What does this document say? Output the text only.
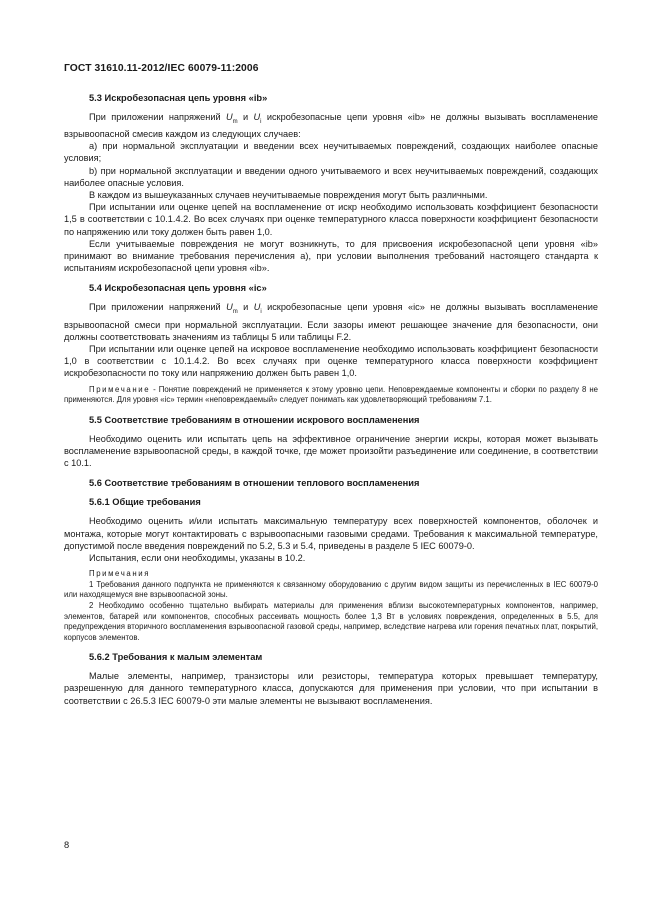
ГОСТ 31610.11-2012/IEC 60079-11:2006

5.3 Искробезопасная цепь уровня «ib»

При приложении напряжений $U_m$ и $U_i$ искробезопасные цепи уровня «ib» не должны вызывать воспламенение взрывоопасной смесив каждом из следующих случаев:

а) при нормальной эксплуатации и введении всех неучитываемых повреждений, создающих наиболее опасные условия;

b) при нормальной эксплуатации и введении одного учитываемого и всех неучитываемых повреждений, создающих наиболее опасные условия.

В каждом из вышеуказанных случаев неучитываемые повреждения могут быть различными.

При испытании или оценке цепей на воспламенение от искр необходимо использовать коэффициент безопасности 1,5 в соответствии с 10.1.4.2. Во всех случаях при оценке температурного класса поверхности коэффициент безопасности по напряжению или току должен быть равен 1,0.

Если учитываемые повреждения не могут возникнуть, то для присвоения искробезопасной цепи уровня «ib» принимают во внимание требования перечисления а), при условии выполнения требований настоящего стандарта к испытаниям искробезопасной цепи уровня «ib».

5.4 Искробезопасная цепь уровня «ic»

При приложении напряжений $U_m$ и $U_i$ искробезопасные цепи уровня «ic» не должны вызывать воспламенение взрывоопасной смеси при нормальной эксплуатации. Если зазоры имеют решающее значение для безопасности, они должны соответствовать значениям из таблицы 5 или таблицы F.2.

При испытании или оценке цепей на искровое воспламенение необходимо использовать коэффициент безопасности 1,0 в соответствии с 10.1.4.2. Во всех случаях при оценке температурного класса поверхности коэффициент искробезопасности по току или напряжению должен быть равен 1,0.

Примечание - Понятие повреждений не применяется к этому уровню цепи. Неповреждаемые компоненты и сборки по разделу 8 не применяются. Для уровня «ic» термин «неповреждаемый» следует понимать как удовлетворяющий требованиям 7.1.

5.5 Соответствие требованиям в отношении искрового воспламенения

Необходимо оценить или испытать цепь на эффективное ограничение энергии искры, которая может вызывать воспламенение взрывоопасной среды, в каждой точке, где может произойти разъединение или соединение, в соответствии с 10.1.

5.6 Соответствие требованиям в отношении теплового воспламенения

5.6.1 Общие требования

Необходимо оценить и/или испытать максимальную температуру всех поверхностей компонентов, оболочек и монтажа, которые могут контактировать с взрывоопасными газовыми средами. Требования к максимальной температуре, допустимой после введения повреждений по 5.2, 5.3 и 5.4, приведены в разделе 5 IEC 60079-0.

Испытания, если они необходимы, указаны в 10.2.

Примечания

1 Требования данного подпункта не применяются к связанному оборудованию с другим видом защиты из перечисленных в IEC 60079-0 или находящемуся вне взрывоопасной зоны.

2 Необходимо особенно тщательно выбирать материалы для применения вблизи высокотемпературных компонентов, например, элементов, батарей или компонентов, способных рассеивать мощность более 1,3 Вт в условиях повреждения, определенных в 5.5, для предупреждения вторичного воспламенения взрывоопасной газовой среды, например, вследствие нагрева или горения печатных плат, покрытий, корпусов элементов.

5.6.2 Требования к малым элементам

Малые элементы, например, транзисторы или резисторы, температура которых превышает температуру, разрешенную для данного температурного класса, допускаются для применения при условии, что при испытании в соответствии с 26.5.3 IEC 60079-0 эти малые элементы не вызывают воспламенения.

8
